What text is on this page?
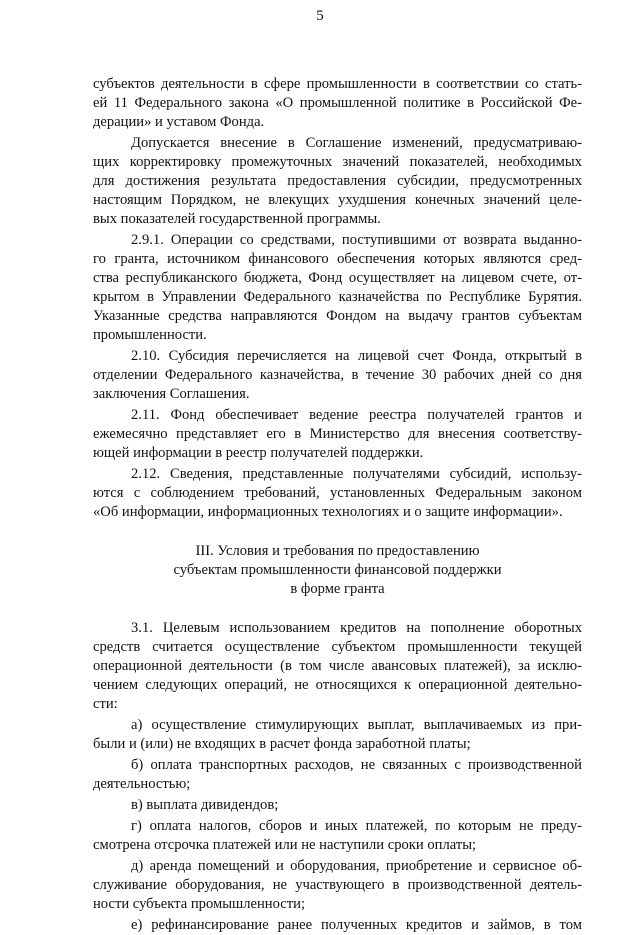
5
субъектов деятельности в сфере промышленности в соответствии со стать-
ей 11 Федерального закона «О промышленной политике в Российской Фе-
дерации» и уставом Фонда.
Допускается внесение в Соглашение изменений, предусматриваю-
щих корректировку промежуточных значений показателей, необходимых
для достижения результата предоставления субсидии, предусмотренных
настоящим Порядком, не влекущих ухудшения конечных значений целе-
вых показателей государственной программы.
2.9.1. Операции со средствами, поступившими от возврата выданно-
го гранта, источником финансового обеспечения которых являются сред-
ства республиканского бюджета, Фонд осуществляет на лицевом счете, от-
крытом в Управлении Федерального казначейства по Республике Бурятия.
Указанные средства направляются Фондом на выдачу грантов субъектам
промышленности.
2.10. Субсидия перечисляется на лицевой счет Фонда, открытый в
отделении Федерального казначейства, в течение 30 рабочих дней со дня
заключения Соглашения.
2.11. Фонд обеспечивает ведение реестра получателей грантов и
ежемесячно представляет его в Министерство для внесения соответству-
ющей информации в реестр получателей поддержки.
2.12. Сведения, представленные получателями субсидий, использу-
ются с соблюдением требований, установленных Федеральным законом
«Об информации, информационных технологиях и о защите информации».
III. Условия и требования по предоставлению
субъектам промышленности финансовой поддержки
в форме гранта
3.1. Целевым использованием кредитов на пополнение оборотных
средств считается осуществление субъектом промышленности текущей
операционной деятельности (в том числе авансовых платежей), за исклю-
чением следующих операций, не относящихся к операционной деятельно-
сти:
а) осуществление стимулирующих выплат, выплачиваемых из при-
были и (или) не входящих в расчет фонда заработной платы;
б) оплата транспортных расходов, не связанных с производственной
деятельностью;
в) выплата дивидендов;
г) оплата налогов, сборов и иных платежей, по которым не преду-
смотрена отсрочка платежей или не наступили сроки оплаты;
д) аренда помещений и оборудования, приобретение и сервисное об-
служивание оборудования, не участвующего в производственной деятель-
ности субъекта промышленности;
е) рефинансирование ранее полученных кредитов и займов, в том
